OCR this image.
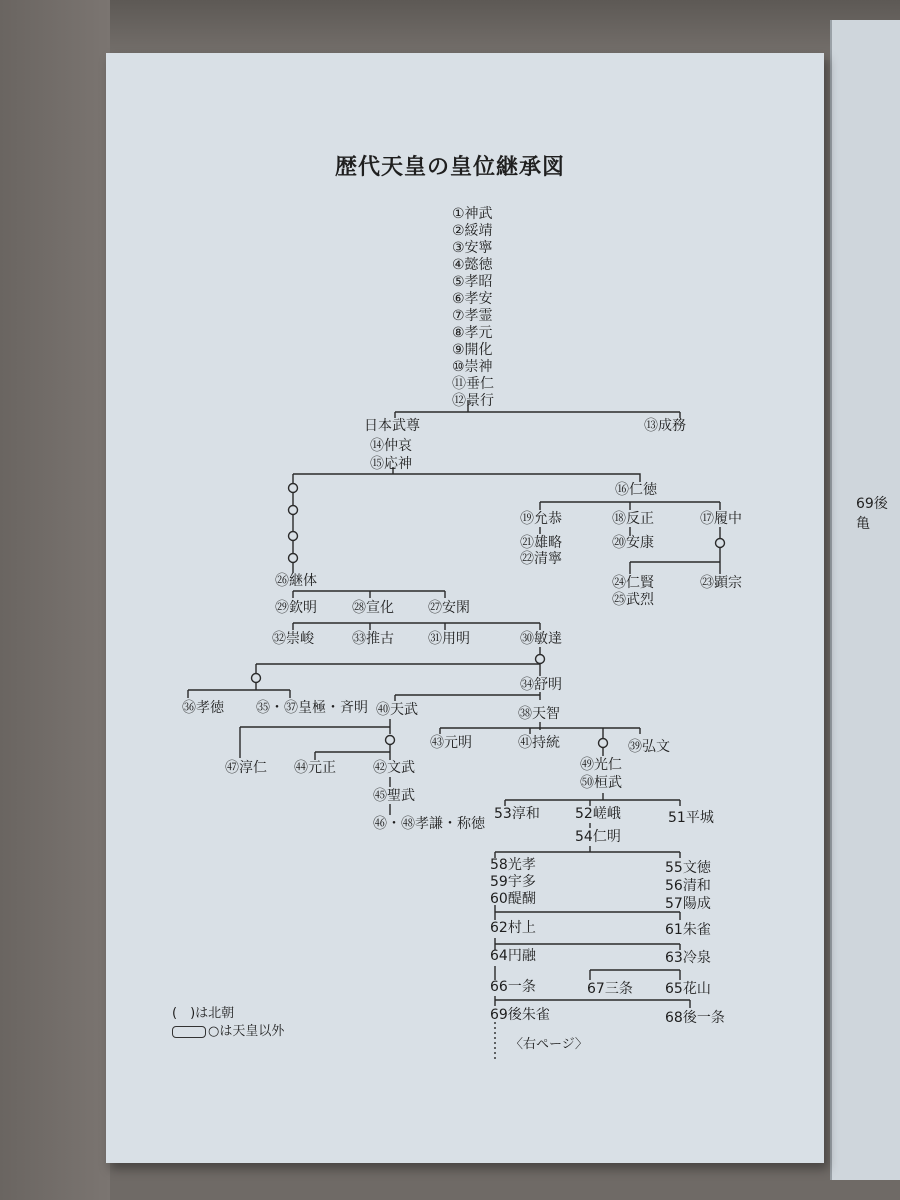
69後亀
歴代天皇の皇位継承図
①神武
②綏靖
③安寧
④懿徳
⑤孝昭
⑥孝安
⑦孝霊
⑧孝元
⑨開化
⑩崇神
⑪垂仁
⑫景行
日本武尊	⑬成務
⑭仲哀
⑮応神
⑯仁徳
⑲允恭	⑱反正	⑰履中
㉑雄略
㉒清寧
⑳安康
㉔仁賢
㉕武烈
㉓顕宗
㉖継体
㉙欽明	㉘宣化 ㉗安閑
㉜崇峻	㉝推古 ㉛用明	㉚敏達
㉞舒明
㊱孝徳 ㉟・㊲皇極・斉明 ㊵天武	㊳天智
㊸元明	㊶持統	㊴弘文
㊼淳仁 ㊹元正	㊷文武
㊺聖武
㊻・㊽孝謙・称徳
㊾光仁
㊿桓武
53淳和	52嵯峨	51平城
54仁明
58光孝
59宇多
60醍醐
55文徳
56清和
57陽成
62村上	61朱雀
64円融	63冷泉
66一条	67三条 65花山
69後朱雀	68後一条
〈右ページ〉
(　)は北朝
○は天皇以外
